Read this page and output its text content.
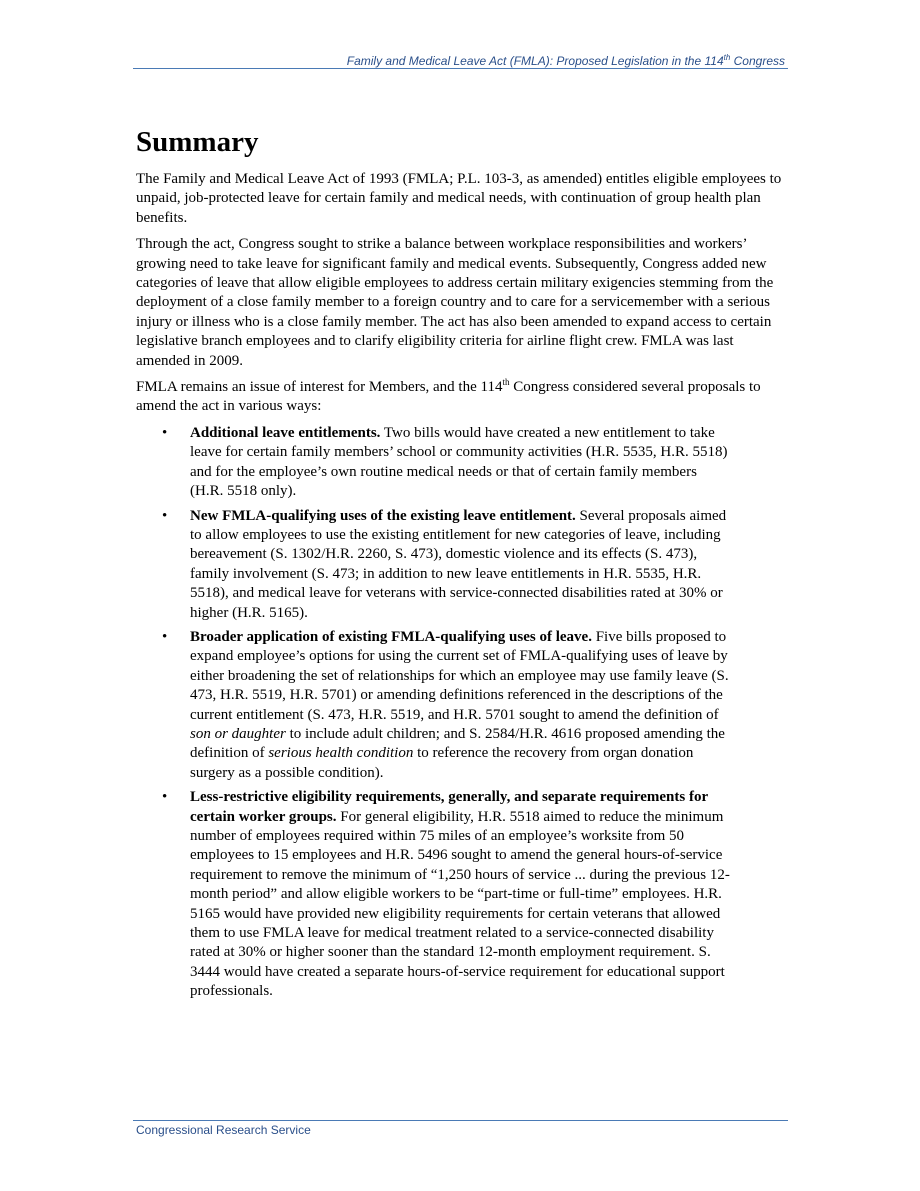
Family and Medical Leave Act (FMLA): Proposed Legislation in the 114th Congress
Summary

The Family and Medical Leave Act of 1993 (FMLA; P.L. 103-3, as amended) entitles eligible employees to unpaid, job-protected leave for certain family and medical needs, with continuation of group health plan benefits.

Through the act, Congress sought to strike a balance between workplace responsibilities and workers’ growing need to take leave for significant family and medical events. Subsequently, Congress added new categories of leave that allow eligible employees to address certain military exigencies stemming from the deployment of a close family member to a foreign country and to care for a servicemember with a serious injury or illness who is a close family member. The act has also been amended to expand access to certain legislative branch employees and to clarify eligibility criteria for airline flight crew. FMLA was last amended in 2009.

FMLA remains an issue of interest for Members, and the 114th Congress considered several proposals to amend the act in various ways:

• Additional leave entitlements. Two bills would have created a new entitlement to take leave for certain family members’ school or community activities (H.R. 5535, H.R. 5518) and for the employee’s own routine medical needs or that of certain family members (H.R. 5518 only).
• New FMLA-qualifying uses of the existing leave entitlement. Several proposals aimed to allow employees to use the existing entitlement for new categories of leave, including bereavement (S. 1302/H.R. 2260, S. 473), domestic violence and its effects (S. 473), family involvement (S. 473; in addition to new leave entitlements in H.R. 5535, H.R. 5518), and medical leave for veterans with service-connected disabilities rated at 30% or higher (H.R. 5165).
• Broader application of existing FMLA-qualifying uses of leave. Five bills proposed to expand employee’s options for using the current set of FMLA-qualifying uses of leave by either broadening the set of relationships for which an employee may use family leave (S. 473, H.R. 5519, H.R. 5701) or amending definitions referenced in the descriptions of the current entitlement (S. 473, H.R. 5519, and H.R. 5701 sought to amend the definition of son or daughter to include adult children; and S. 2584/H.R. 4616 proposed amending the definition of serious health condition to reference the recovery from organ donation surgery as a possible condition).
• Less-restrictive eligibility requirements, generally, and separate requirements for certain worker groups. For general eligibility, H.R. 5518 aimed to reduce the minimum number of employees required within 75 miles of an employee’s worksite from 50 employees to 15 employees and H.R. 5496 sought to amend the general hours-of-service requirement to remove the minimum of “1,250 hours of service ... during the previous 12-month period” and allow eligible workers to be “part-time or full-time” employees. H.R. 5165 would have provided new eligibility requirements for certain veterans that allowed them to use FMLA leave for medical treatment related to a service-connected disability rated at 30% or higher sooner than the standard 12-month employment requirement. S. 3444 would have created a separate hours-of-service requirement for educational support professionals.
Congressional Research Service
